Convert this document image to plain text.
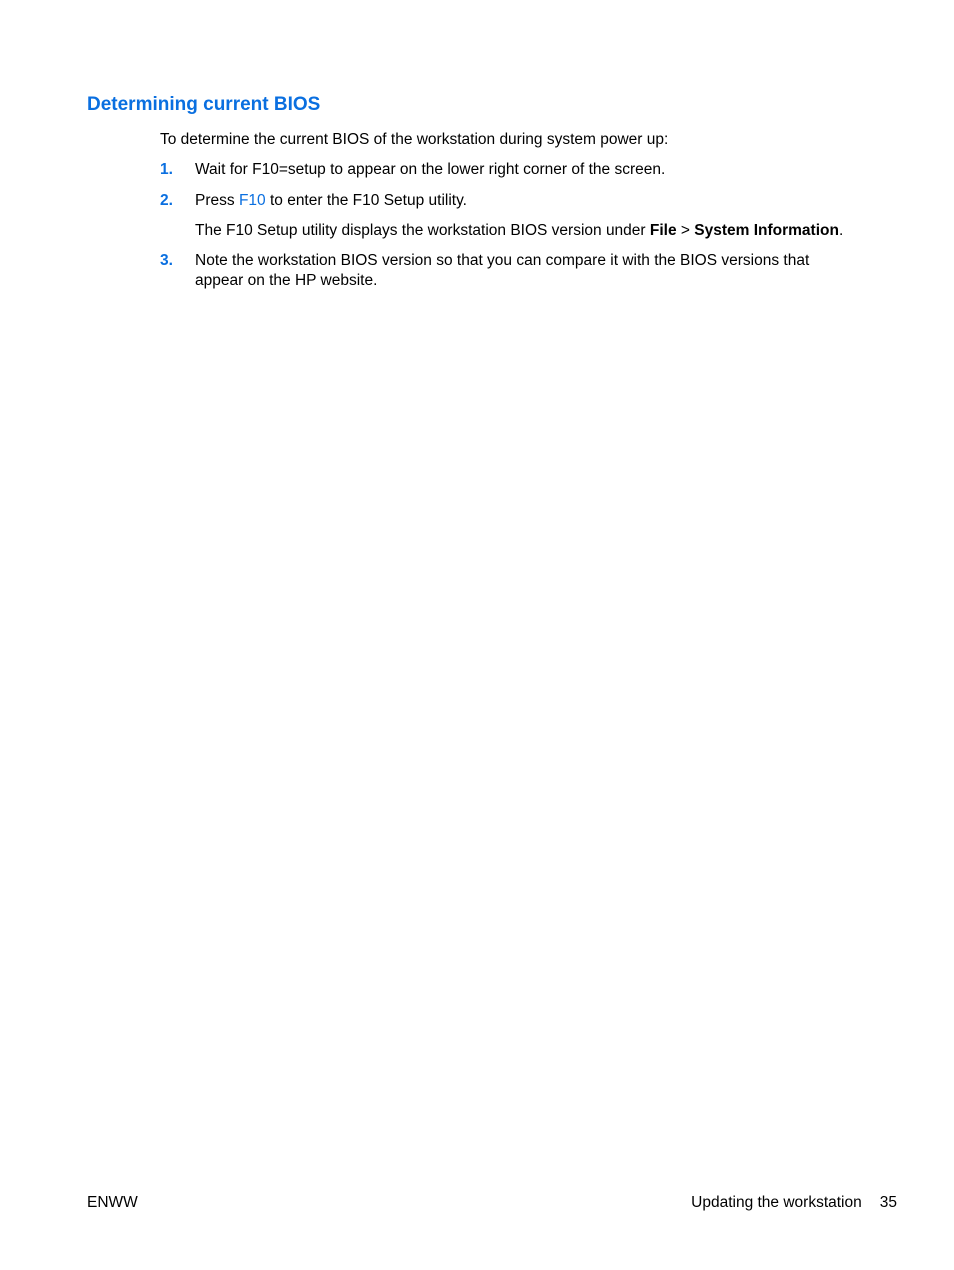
Determining current BIOS

To determine the current BIOS of the workstation during system power up:

1. Wait for F10=setup to appear on the lower right corner of the screen.
2. Press F10 to enter the F10 Setup utility.
The F10 Setup utility displays the workstation BIOS version under File > System Information.
3. Note the workstation BIOS version so that you can compare it with the BIOS versions that
appear on the HP website.
ENWW	Updating the workstation 35
